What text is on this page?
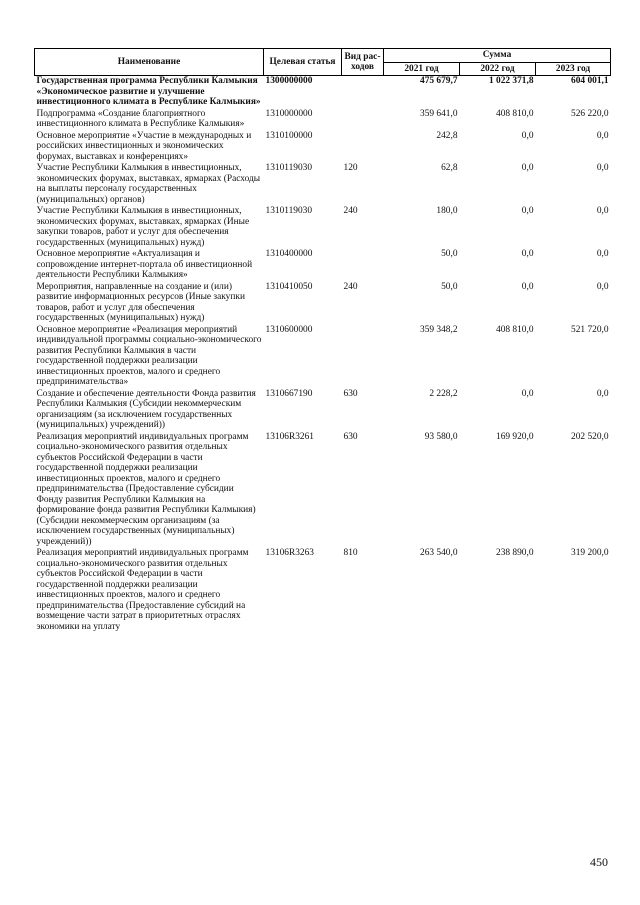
Наименование	Целевая статья	Вид рас-ходов	Сумма		
			2021 год	2022 год	2023 год
Государственная программа Республики Калмыкия «Экономическое развитие и улучшение инвестиционного климата в Республике Калмыкия»	1300000000		475 679,7	1 022 371,8	604 001,1
Подпрограмма «Создание благоприятного инвестиционного климата в Республике Калмыкия»	1310000000		359 641,0	408 810,0	526 220,0
Основное мероприятие «Участие в международных и российских инвестиционных и экономических форумах, выставках и конференциях»	1310100000		242,8	0,0	0,0
Участие Республики Калмыкия в инвестиционных, экономических форумах, выставках, ярмарках (Расходы на выплаты персоналу государственных (муниципальных) органов)	1310119030	120	62,8	0,0	0,0
Участие Республики Калмыкия в инвестиционных, экономических форумах, выставках, ярмарках (Иные закупки товаров, работ и услуг для обеспечения государственных (муниципальных) нужд)	1310119030	240	180,0	0,0	0,0
Основное мероприятие «Актуализация и сопровождение интернет-портала об инвестиционной деятельности Республики Калмыкия»	1310400000		50,0	0,0	0,0
Мероприятия, направленные на создание и (или) развитие информационных ресурсов (Иные закупки товаров, работ и услуг для обеспечения государственных (муниципальных) нужд)	1310410050	240	50,0	0,0	0,0
Основное мероприятие «Реализация мероприятий индивидуальной программы социально-экономического развития Республики Калмыкия в части государственной поддержки реализации инвестиционных проектов, малого и среднего предпринимательства»	1310600000		359 348,2	408 810,0	521 720,0
Создание и обеспечение деятельности Фонда развития Республики Калмыкия (Субсидии некоммерческим организациям (за исключением государственных (муниципальных) учреждений))	1310667190	630	2 228,2	0,0	0,0
Реализация мероприятий индивидуальных программ социально-экономического развития отдельных субъектов Российской Федерации в части государственной поддержки реализации инвестиционных проектов, малого и среднего предпринимательства (Предоставление субсидии Фонду развития Республики Калмыкия на формирование фонда развития Республики Калмыкия) (Субсидии некоммерческим организациям (за исключением государственных (муниципальных) учреждений))	13106R3261	630	93 580,0	169 920,0	202 520,0
Реализация мероприятий индивидуальных программ социально-экономического развития отдельных субъектов Российской Федерации в части государственной поддержки реализации инвестиционных проектов, малого и среднего предпринимательства (Предоставление субсидий на возмещение части затрат в приоритетных отраслях экономики на уплату	13106R3263	810	263 540,0	238 890,0	319 200,0
450
